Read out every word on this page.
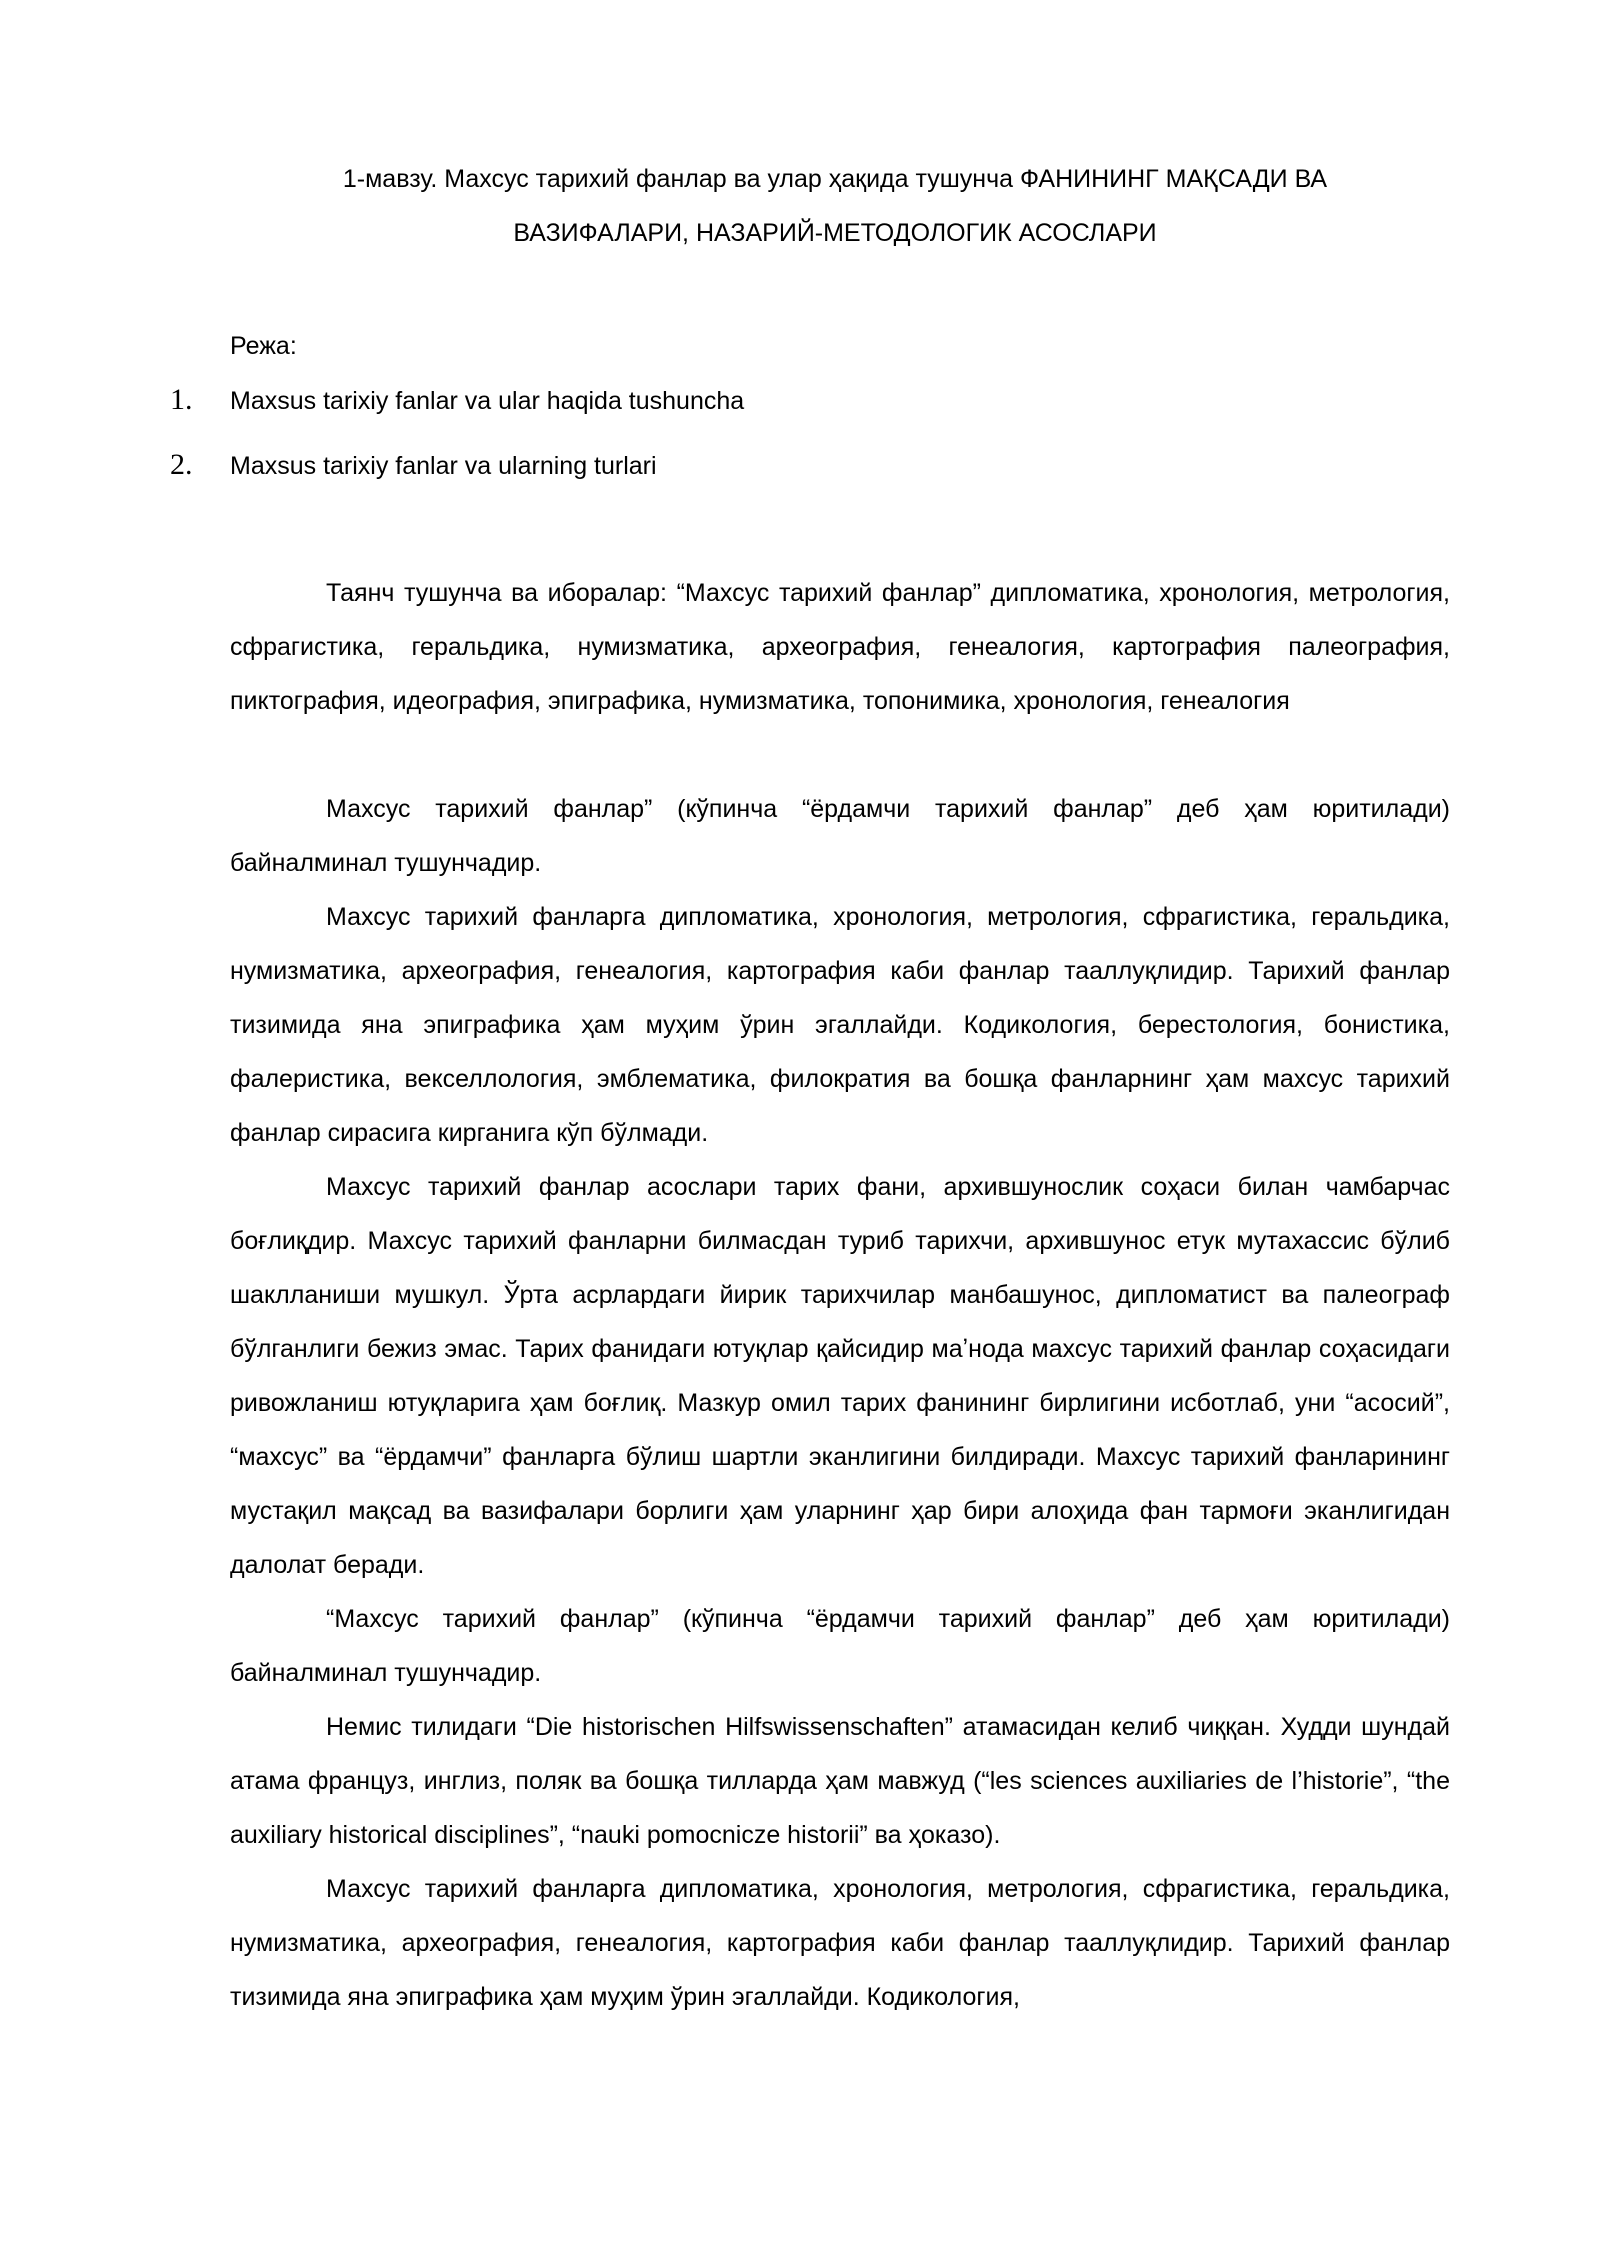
1-мавзу. Махсус тарихий фанлар ва улар ҳақида тушунча ФАНИНИНГ МАҚСАДИ ВА
ВАЗИФАЛАРИ, НАЗАРИЙ-МЕТОДОЛОГИК АСОСЛАРИ
Режа:
1.	Maxsus tarixiy fanlar va ular haqida tushuncha
2.	Maxsus tarixiy fanlar va ularning turlari

Таянч тушунча ва иборалар: “Махсус тарихий фанлар” дипломатика, хронология, метрология, сфрагистика, геральдика, нумизматика, археография, генеалогия, картография палеография, пиктография, идеография, эпиграфика, нумизматика, топонимика, хронология, генеалогия

Махсус тарихий фанлар” (кўпинча “ёрдамчи тарихий фанлар” деб ҳам юритилади) байналминал тушунчадир.

Махсус тарихий фанларга дипломатика, хронология, метрология, сфрагистика, геральдика, нумизматика, археография, генеалогия, картография каби фанлар тааллуқлидир. Тарихий фанлар тизимида яна эпиграфика ҳам муҳим ўрин эгаллайди. Кодикология, берестология, бонистика, фалеристика, векселлология, эмблематика, филократия ва бошқа фанларнинг ҳам махсус тарихий фанлар сирасига кирганига кўп бўлмади.

Махсус тарихий фанлар асослари тарих фани, архившунослик соҳаси билан чамбарчас боғлиқдир. Махсус тарихий фанларни билмасдан туриб тарихчи, архившунос етук мутахассис бўлиб шаклланиши мушкул. Ўрта асрлардаги йирик тарихчилар манбашунос, дипломатист ва палеограф бўлганлиги бежиз эмас. Тарих фанидаги ютуқлар қайсидир маʼнода махсус тарихий фанлар соҳасидаги ривожланиш ютуқларига ҳам боғлиқ. Мазкур омил тарих фанининг бирлигини исботлаб, уни “асосий”, “махсус” ва “ёрдамчи” фанларга бўлиш шартли эканлигини билдиради. Махсус тарихий фанларининг мустақил мақсад ва вазифалари борлиги ҳам уларнинг ҳар бири алоҳида фан тармоғи эканлигидан далолат беради.

“Махсус тарихий фанлар” (кўпинча “ёрдамчи тарихий фанлар” деб ҳам юритилади) байналминал тушунчадир.

Немис тилидаги “Die historischen Hilfswissenschaften” атамасидан келиб чиққан. Худди шундай атама француз, инглиз, поляк ва бошқа тилларда ҳам мавжуд (“les sciences auxiliaries de l’historie”, “the auxiliary historical disciplines”, “nauki pomocnicze historii” ва ҳоказо).

Махсус тарихий фанларга дипломатика, хронология, метрология, сфрагистика, геральдика, нумизматика, археография, генеалогия, картография каби фанлар тааллуқлидир. Тарихий фанлар тизимида яна эпиграфика ҳам муҳим ўрин эгаллайди. Кодикология,
